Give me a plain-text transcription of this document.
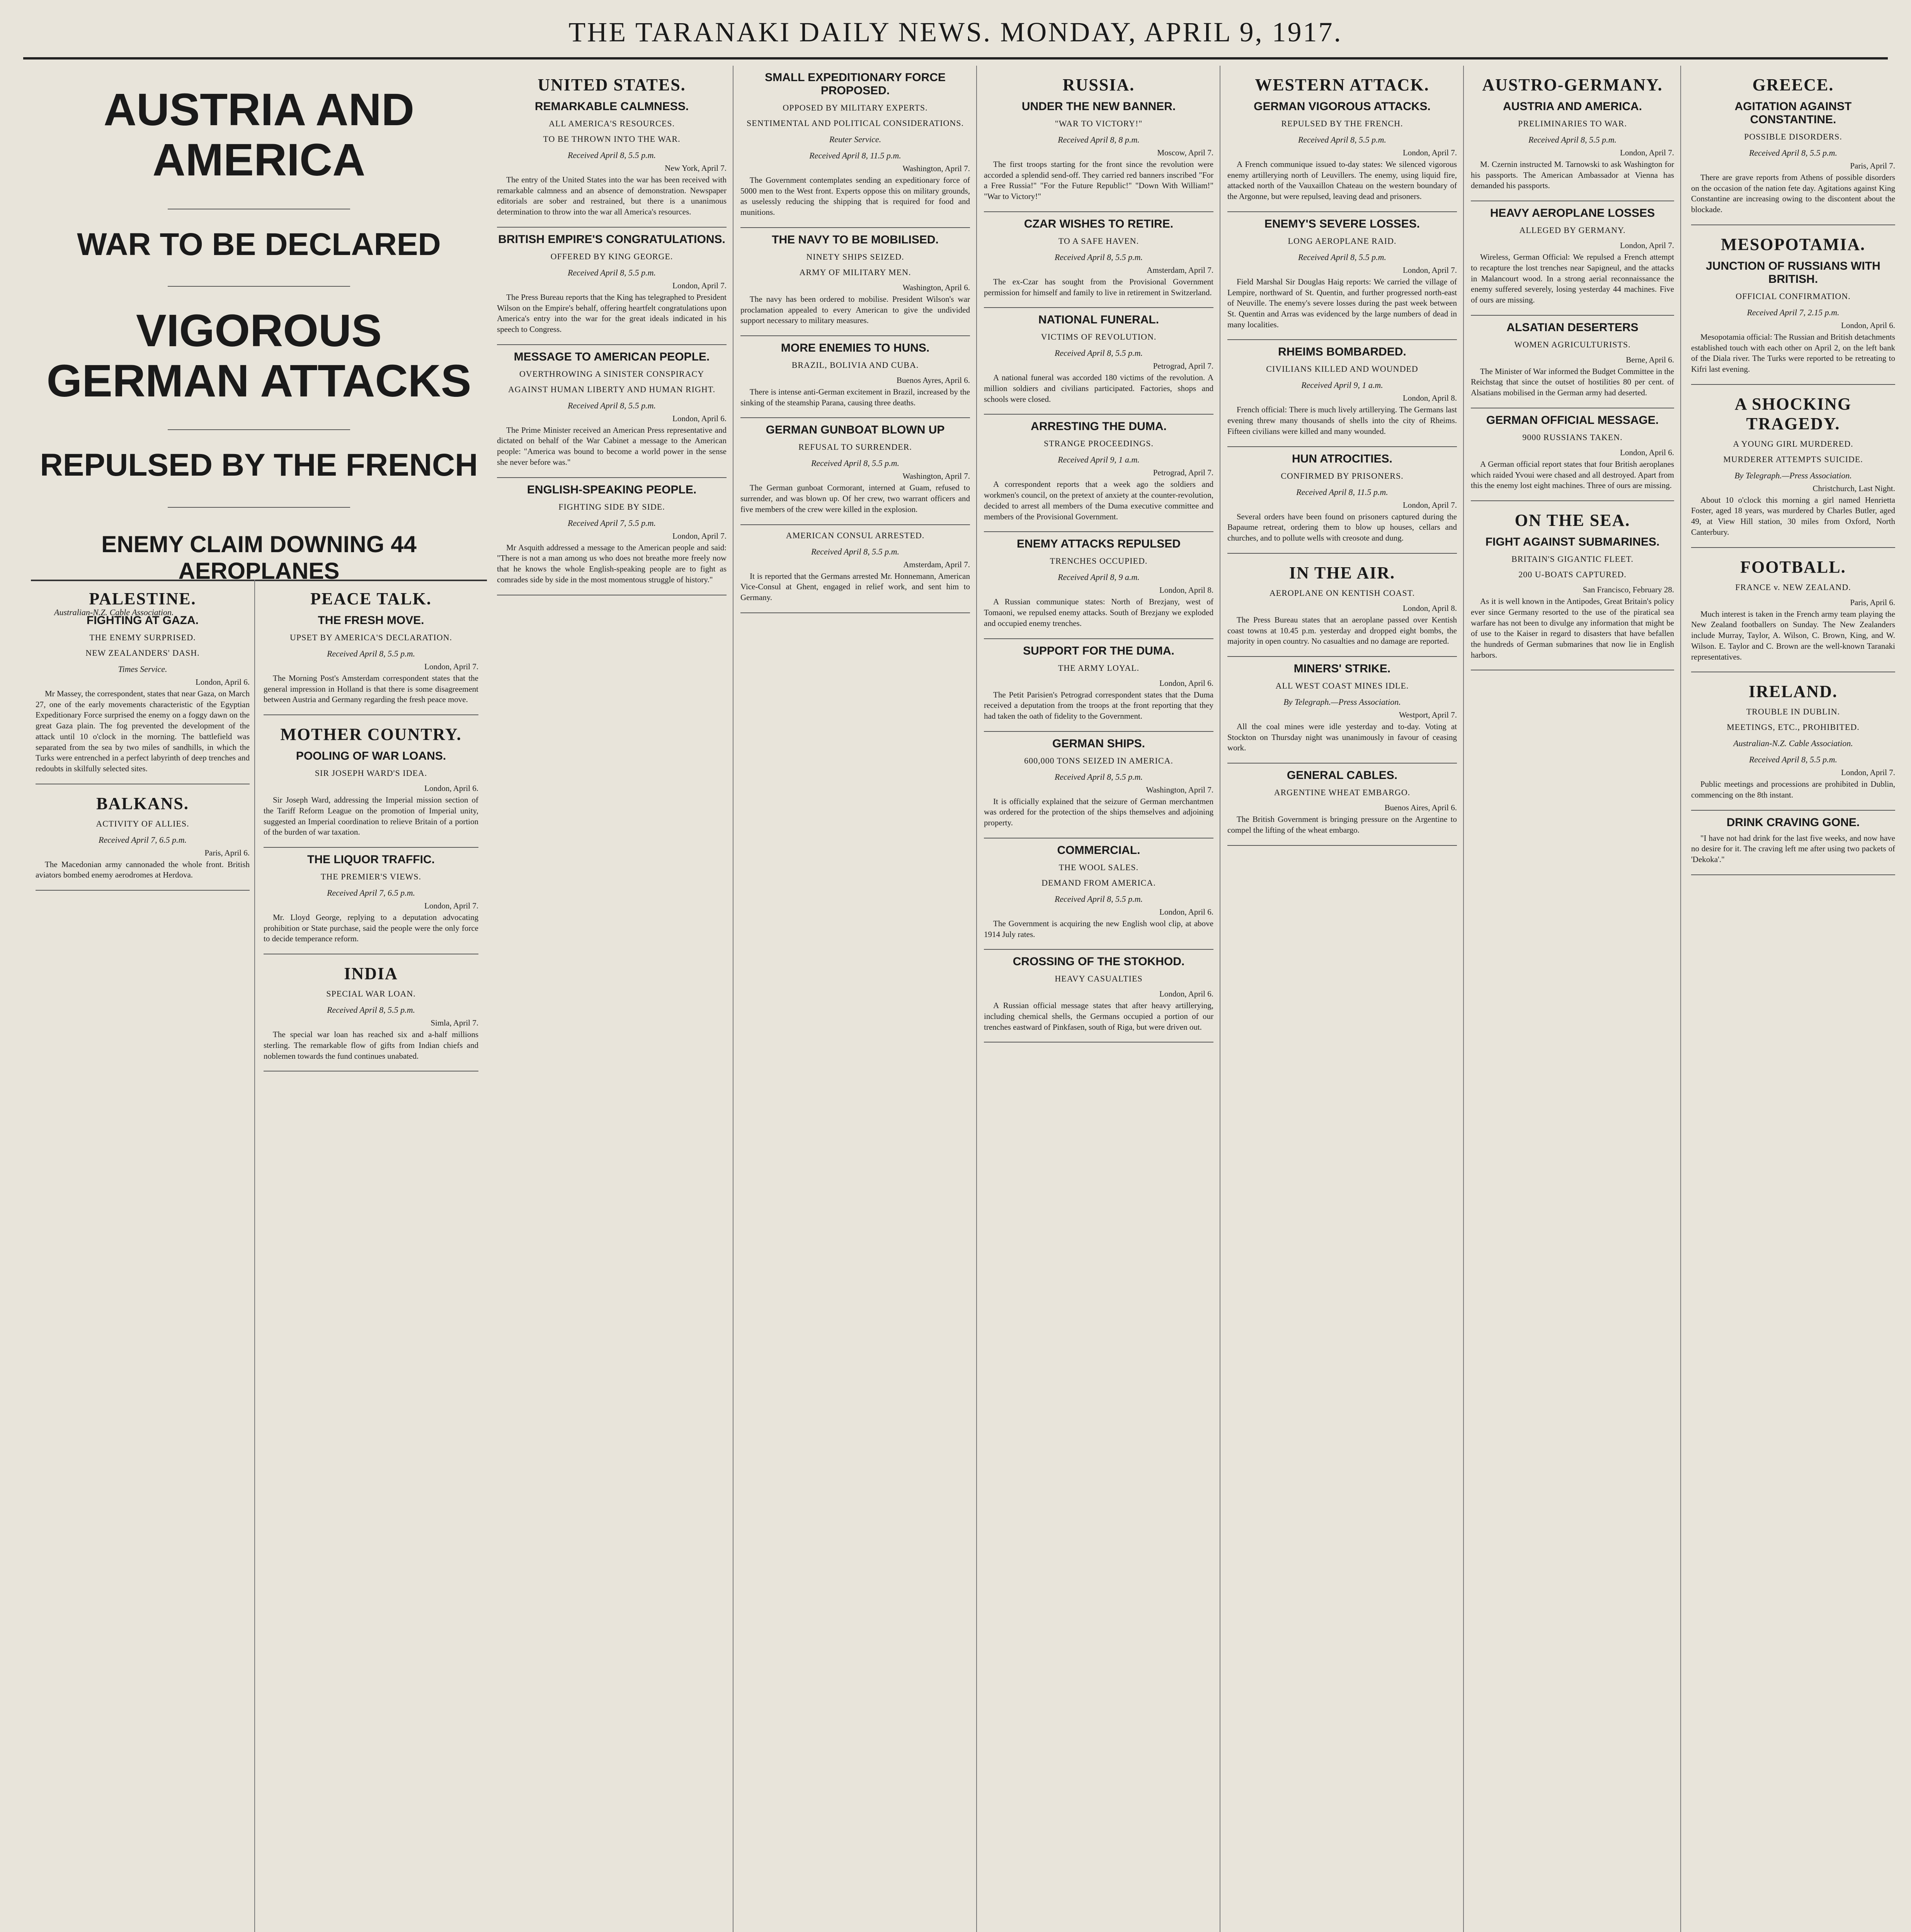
THE TARANAKI DAILY NEWS. MONDAY, APRIL 9, 1917.
AUSTRIA AND AMERICA
WAR TO BE DECLARED
VIGOROUS GERMAN ATTACKS
REPULSED BY THE FRENCH
ENEMY CLAIM DOWNING 44 AEROPLANES
Australian-N.Z. Cable Association.
PALESTINE.
FIGHTING AT GAZA.
THE ENEMY SURPRISED.
NEW ZEALANDERS' DASH.
Times Service.
London, April 6.

Mr Massey, the correspondent, states that near Gaza, on March 27, one of the early movements characteristic of the Egyptian Expeditionary Force surprised the enemy on a foggy dawn on the great Gaza plain. The fog prevented the development of the attack until 10 o'clock in the morning. The battlefield was separated from the sea by two miles of sandhills, in which the Turks were entrenched in a perfect labyrinth of deep trenches and redoubts in skilfully selected sites.

BALKANS.
ACTIVITY OF ALLIES.
Received April 7, 6.5 p.m.
Paris, April 6.

The Macedonian army cannonaded the whole front. British aviators bombed enemy aerodromes at Herdova.

PEACE TALK.
THE FRESH MOVE.
UPSET BY AMERICA'S DECLARATION.
Received April 8, 5.5 p.m.
London, April 7.

The Morning Post's Amsterdam correspondent states that the general impression in Holland is that there is some disagreement between Austria and Germany regarding the fresh peace move.

MOTHER COUNTRY.
POOLING OF WAR LOANS.
SIR JOSEPH WARD'S IDEA.
London, April 6.

Sir Joseph Ward, addressing the Imperial mission section of the Tariff Reform League on the promotion of Imperial unity, suggested an Imperial coordination to relieve Britain of a portion of the burden of war taxation.

THE LIQUOR TRAFFIC.
THE PREMIER'S VIEWS.
Received April 7, 6.5 p.m.
London, April 7.

Mr. Lloyd George, replying to a deputation advocating prohibition or State purchase, said the people were the only force to decide temperance reform.

INDIA
SPECIAL WAR LOAN.
Received April 8, 5.5 p.m.
Simla, April 7.

The special war loan has reached six and a-half millions sterling. The remarkable flow of gifts from Indian chiefs and noblemen towards the fund continues unabated.

UNITED STATES.
REMARKABLE CALMNESS.
ALL AMERICA'S RESOURCES.
TO BE THROWN INTO THE WAR.
Received April 8, 5.5 p.m.
New York, April 7.

The entry of the United States into the war has been received with remarkable calmness and an absence of demonstration. Newspaper editorials are sober and restrained, but there is a unanimous determination to throw into the war all America's resources.

BRITISH EMPIRE'S CONGRATULATIONS.
OFFERED BY KING GEORGE.
Received April 8, 5.5 p.m.
London, April 7.

The Press Bureau reports that the King has telegraphed to President Wilson on the Empire's behalf, offering heartfelt congratulations upon America's entry into the war for the great ideals indicated in his speech to Congress.

MESSAGE TO AMERICAN PEOPLE.
OVERTHROWING A SINISTER CONSPIRACY
AGAINST HUMAN LIBERTY AND HUMAN RIGHT.
Received April 8, 5.5 p.m.
London, April 6.

The Prime Minister received an American Press representative and dictated on behalf of the War Cabinet a message to the American people: "America was bound to become a world power in the sense she never before was."

ENGLISH-SPEAKING PEOPLE.
FIGHTING SIDE BY SIDE.
Received April 7, 5.5 p.m.
London, April 7.

Mr Asquith addressed a message to the American people and said: "There is not a man among us who does not breathe more freely now that he knows the whole English-speaking people are to fight as comrades side by side in the most momentous struggle of history."

SMALL EXPEDITIONARY FORCE PROPOSED.
OPPOSED BY MILITARY EXPERTS.
SENTIMENTAL AND POLITICAL CONSIDERATIONS.
Reuter Service.
Received April 8, 11.5 p.m.
Washington, April 7.

The Government contemplates sending an expeditionary force of 5000 men to the West front. Experts oppose this on military grounds, as uselessly reducing the shipping that is required for food and munitions.

THE NAVY TO BE MOBILISED.
NINETY SHIPS SEIZED.
ARMY OF MILITARY MEN.
Washington, April 6.

The navy has been ordered to mobilise. President Wilson's war proclamation appealed to every American to give the undivided support necessary to military measures.

MORE ENEMIES TO HUNS.
BRAZIL, BOLIVIA AND CUBA.
Buenos Ayres, April 6.

There is intense anti-German excitement in Brazil, increased by the sinking of the steamship Parana, causing three deaths.

GERMAN GUNBOAT BLOWN UP
REFUSAL TO SURRENDER.
Received April 8, 5.5 p.m.
Washington, April 7.

The German gunboat Cormorant, interned at Guam, refused to surrender, and was blown up. Of her crew, two warrant officers and five members of the crew were killed in the explosion.

AMERICAN CONSUL ARRESTED.
Received April 8, 5.5 p.m.
Amsterdam, April 7.

It is reported that the Germans arrested Mr. Honnemann, American Vice-Consul at Ghent, engaged in relief work, and sent him to Germany.

RUSSIA.
UNDER THE NEW BANNER.
"WAR TO VICTORY!"
Received April 8, 8 p.m.
Moscow, April 7.

The first troops starting for the front since the revolution were accorded a splendid send-off. They carried red banners inscribed "For a Free Russia!" "For the Future Republic!" "Down With William!" "War to Victory!"

CZAR WISHES TO RETIRE.
TO A SAFE HAVEN.
Received April 8, 5.5 p.m.
Amsterdam, April 7.

The ex-Czar has sought from the Provisional Government permission for himself and family to live in retirement in Switzerland.

NATIONAL FUNERAL.
VICTIMS OF REVOLUTION.
Received April 8, 5.5 p.m.
Petrograd, April 7.

A national funeral was accorded 180 victims of the revolution. A million soldiers and civilians participated. Factories, shops and schools were closed.

ARRESTING THE DUMA.
STRANGE PROCEEDINGS.
Received April 9, 1 a.m.
Petrograd, April 7.

A correspondent reports that a week ago the soldiers and workmen's council, on the pretext of anxiety at the counter-revolution, decided to arrest all members of the Duma executive committee and members of the Provisional Government.

ENEMY ATTACKS REPULSED
TRENCHES OCCUPIED.
Received April 8, 9 a.m.
London, April 8.

A Russian communique states: North of Brezjany, west of Tomaoni, we repulsed enemy attacks. South of Brezjany we exploded and occupied enemy trenches.

SUPPORT FOR THE DUMA.
THE ARMY LOYAL.
London, April 6.

The Petit Parisien's Petrograd correspondent states that the Duma received a deputation from the troops at the front reporting that they had taken the oath of fidelity to the Government.

GERMAN SHIPS.
600,000 TONS SEIZED IN AMERICA.
Received April 8, 5.5 p.m.
Washington, April 7.

It is officially explained that the seizure of German merchantmen was ordered for the protection of the ships themselves and adjoining property.

COMMERCIAL.
THE WOOL SALES.
DEMAND FROM AMERICA.
Received April 8, 5.5 p.m.
London, April 6.

The Government is acquiring the new English wool clip, at above 1914 July rates.

CROSSING OF THE STOKHOD.
HEAVY CASUALTIES
London, April 6.

A Russian official message states that after heavy artillerying, including chemical shells, the Germans occupied a portion of our trenches eastward of Pinkfasen, south of Riga, but were driven out.

WESTERN ATTACK.
GERMAN VIGOROUS ATTACKS.
REPULSED BY THE FRENCH.
Received April 8, 5.5 p.m.
London, April 7.

A French communique issued to-day states: We silenced vigorous enemy artillerying north of Leuvillers. The enemy, using liquid fire, attacked north of the Vauxaillon Chateau on the western boundary of the Argonne, but were repulsed, leaving dead and prisoners.

ENEMY'S SEVERE LOSSES.
LONG AEROPLANE RAID.
Received April 8, 5.5 p.m.
London, April 7.

Field Marshal Sir Douglas Haig reports: We carried the village of Lempire, northward of St. Quentin, and further progressed north-east of Neuville. The enemy's severe losses during the past week between St. Quentin and Arras was evidenced by the large numbers of dead in many localities.

RHEIMS BOMBARDED.
CIVILIANS KILLED AND WOUNDED
Received April 9, 1 a.m.
London, April 8.

French official: There is much lively artillerying. The Germans last evening threw many thousands of shells into the city of Rheims. Fifteen civilians were killed and many wounded.

HUN ATROCITIES.
CONFIRMED BY PRISONERS.
Received April 8, 11.5 p.m.
London, April 7.

Several orders have been found on prisoners captured during the Bapaume retreat, ordering them to blow up houses, cellars and churches, and to pollute wells with creosote and dung.

IN THE AIR.
AEROPLANE ON KENTISH COAST.
London, April 8.

The Press Bureau states that an aeroplane passed over Kentish coast towns at 10.45 p.m. yesterday and dropped eight bombs, the majority in open country. No casualties and no damage are reported.

MINERS' STRIKE.
ALL WEST COAST MINES IDLE.
By Telegraph.—Press Association.
Westport, April 7.

All the coal mines were idle yesterday and to-day. Voting at Stockton on Thursday night was unanimously in favour of ceasing work.

GENERAL CABLES.
ARGENTINE WHEAT EMBARGO.
Buenos Aires, April 6.

The British Government is bringing pressure on the Argentine to compel the lifting of the wheat embargo.

AUSTRO-GERMANY.
AUSTRIA AND AMERICA.
PRELIMINARIES TO WAR.
Received April 8, 5.5 p.m.
London, April 7.

M. Czernin instructed M. Tarnowski to ask Washington for his passports. The American Ambassador at Vienna has demanded his passports.

HEAVY AEROPLANE LOSSES
ALLEGED BY GERMANY.
London, April 7.

Wireless, German Official: We repulsed a French attempt to recapture the lost trenches near Sapigneul, and the attacks in Malancourt wood. In a strong aerial reconnaissance the enemy suffered severely, losing yesterday 44 machines. Five of ours are missing.

ALSATIAN DESERTERS
WOMEN AGRICULTURISTS.
Berne, April 6.

The Minister of War informed the Budget Committee in the Reichstag that since the outset of hostilities 80 per cent. of Alsatians mobilised in the German army had deserted.

GERMAN OFFICIAL MESSAGE.
9000 RUSSIANS TAKEN.
London, April 6.

A German official report states that four British aeroplanes which raided Yvoui were chased and all destroyed. Apart from this the enemy lost eight machines. Three of ours are missing.

ON THE SEA.
FIGHT AGAINST SUBMARINES.
BRITAIN'S GIGANTIC FLEET.
200 U-BOATS CAPTURED.
San Francisco, February 28.

As it is well known in the Antipodes, Great Britain's policy ever since Germany resorted to the use of the piratical sea warfare has not been to divulge any information that might be of use to the Kaiser in regard to disasters that have befallen the hundreds of German submarines that now lie in English harbors.

GREECE.
AGITATION AGAINST CONSTANTINE.
POSSIBLE DISORDERS.
Received April 8, 5.5 p.m.
Paris, April 7.

There are grave reports from Athens of possible disorders on the occasion of the nation fete day. Agitations against King Constantine are increasing owing to the discontent about the blockade.

MESOPOTAMIA.
JUNCTION OF RUSSIANS WITH BRITISH.
OFFICIAL CONFIRMATION.
Received April 7, 2.15 p.m.
London, April 6.

Mesopotamia official: The Russian and British detachments established touch with each other on April 2, on the left bank of the Diala river. The Turks were reported to be retreating to Kifri last evening.

A SHOCKING TRAGEDY.
A YOUNG GIRL MURDERED.
MURDERER ATTEMPTS SUICIDE.
By Telegraph.—Press Association.
Christchurch, Last Night.

About 10 o'clock this morning a girl named Henrietta Foster, aged 18 years, was murdered by Charles Butler, aged 49, at View Hill station, 30 miles from Oxford, North Canterbury.

FOOTBALL.
FRANCE v. NEW ZEALAND.
Paris, April 6.

Much interest is taken in the French army team playing the New Zealand footballers on Sunday. The New Zealanders include Murray, Taylor, A. Wilson, C. Brown, King, and W. Wilson. E. Taylor and C. Brown are the well-known Taranaki representatives.

IRELAND.
TROUBLE IN DUBLIN.
MEETINGS, ETC., PROHIBITED.
Australian-N.Z. Cable Association.
Received April 8, 5.5 p.m.
London, April 7.

Public meetings and processions are prohibited in Dublin, commencing on the 8th instant.

DRINK CRAVING GONE.

"I have not had drink for the last five weeks, and now have no desire for it. The craving left me after using two packets of 'Dekoka'."
